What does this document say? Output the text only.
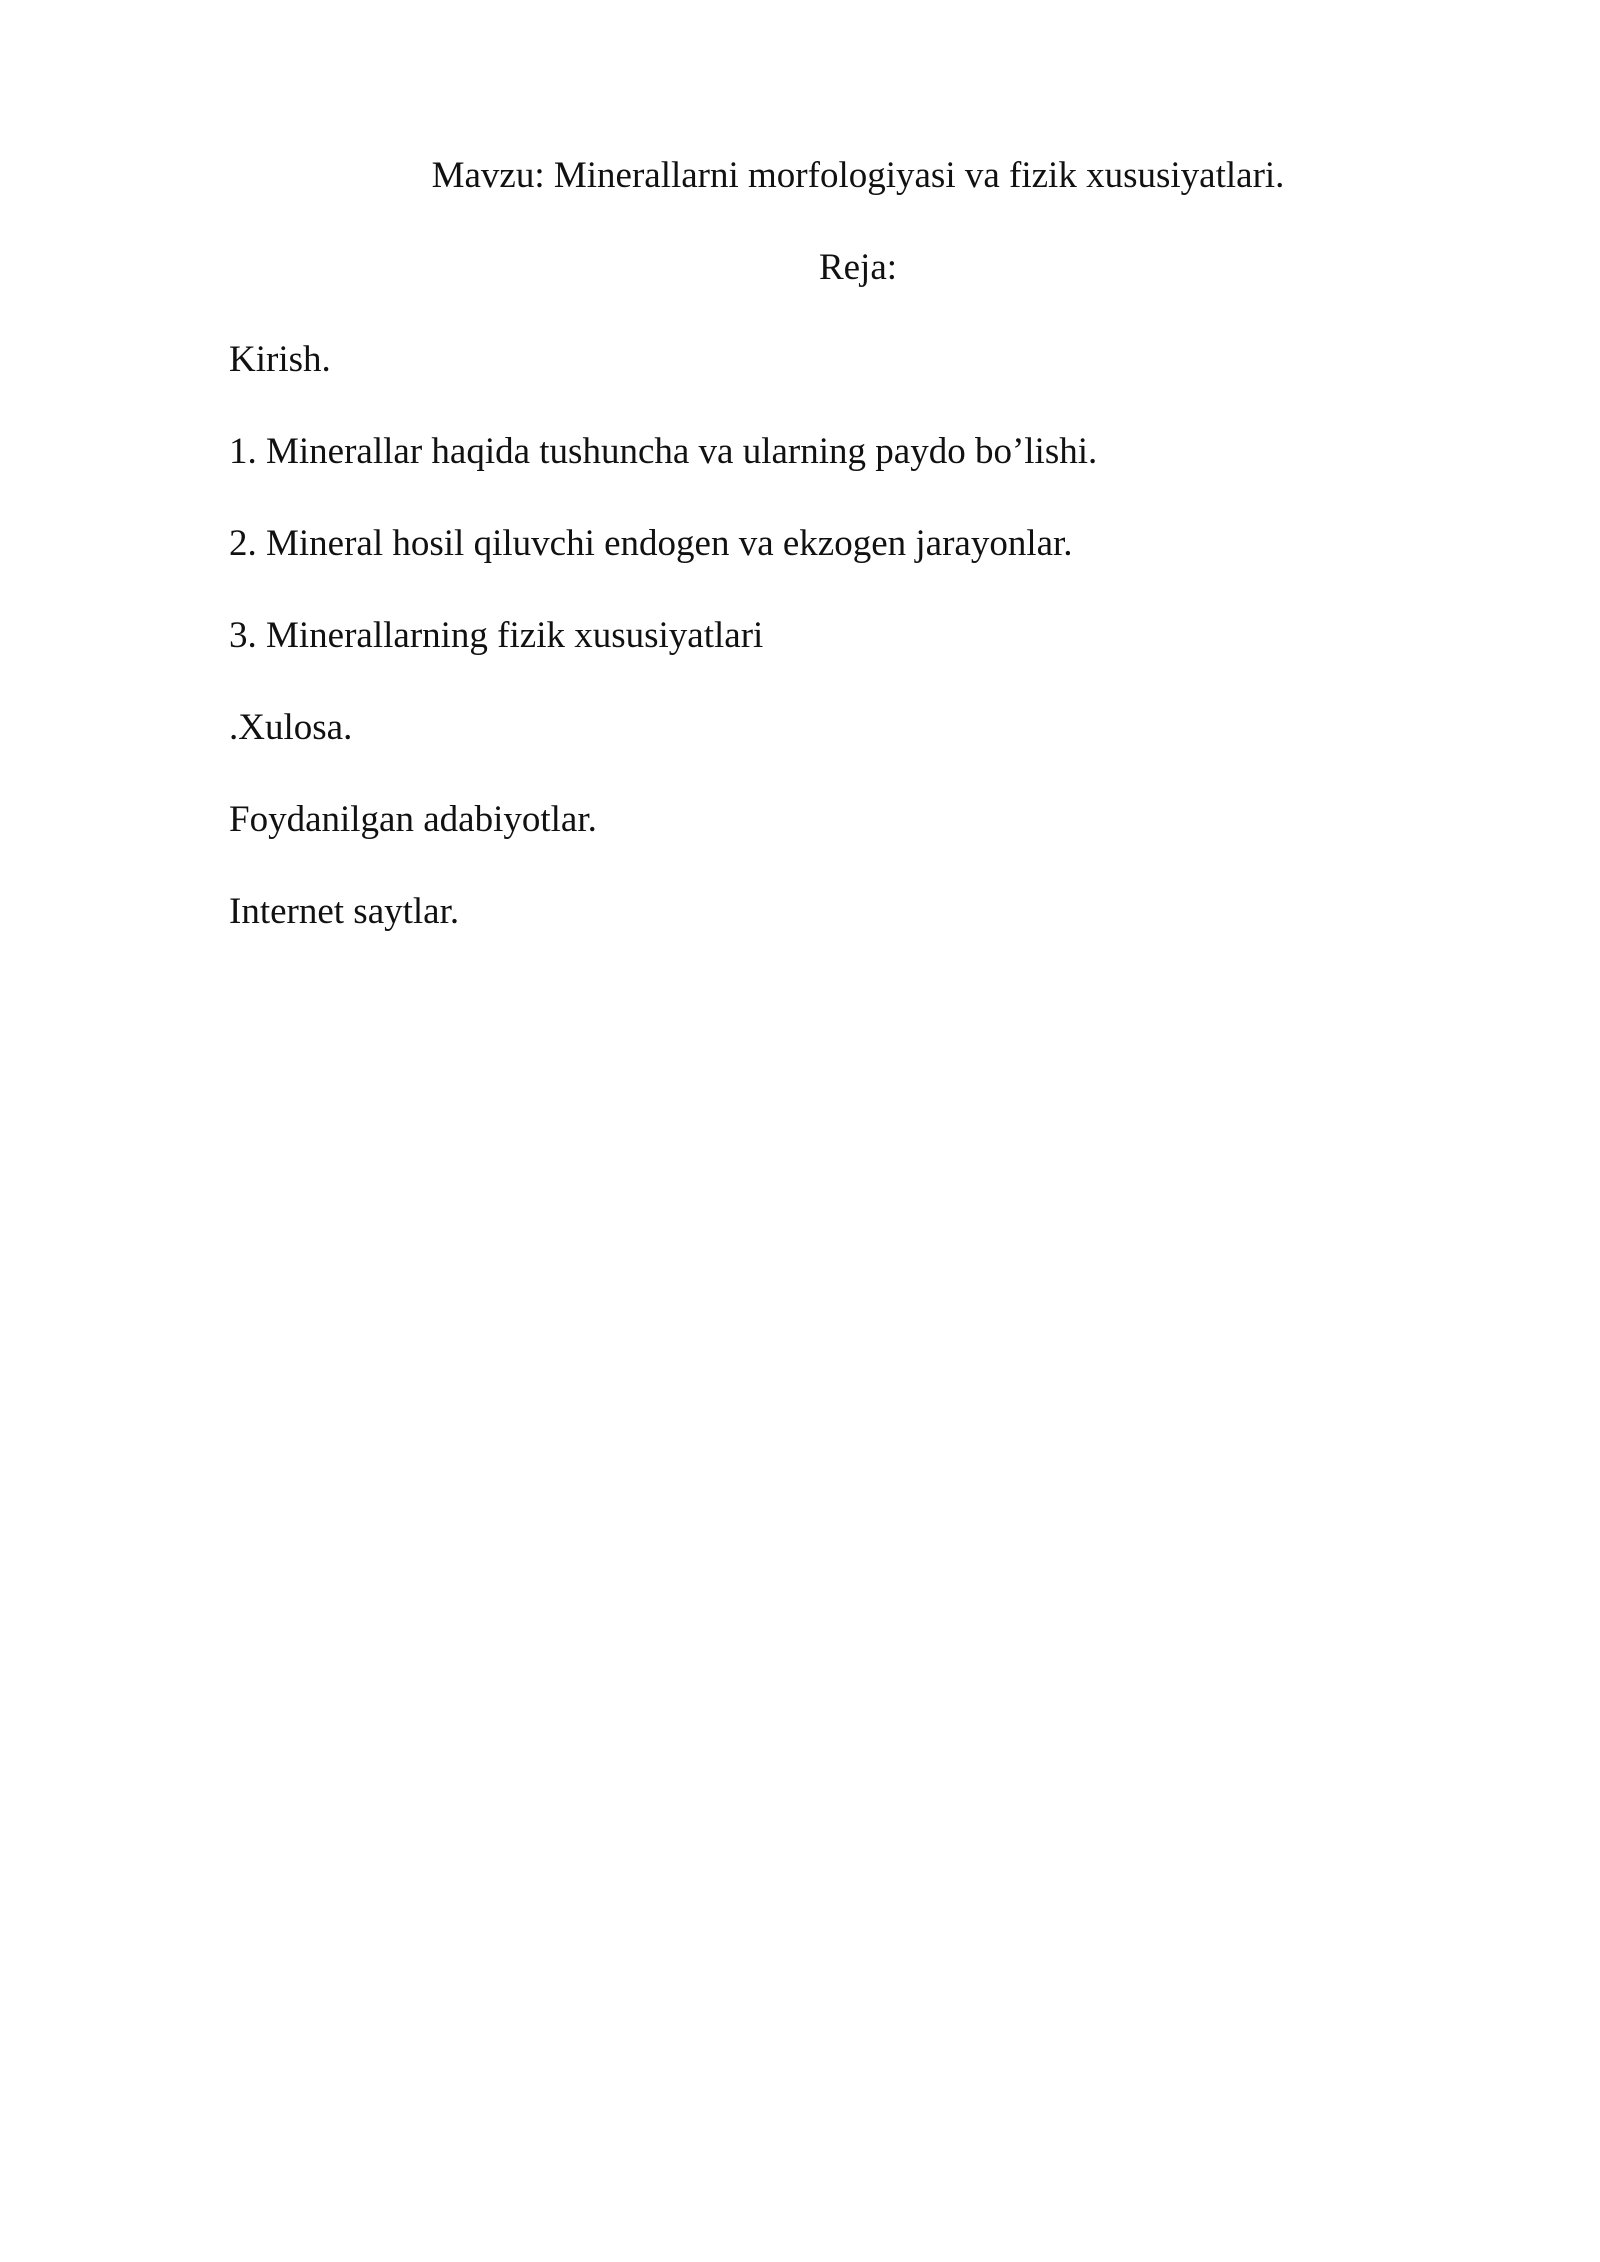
Mavzu: Minerallarni morfologiyasi va fizik xususiyatlari.

Reja:

Kirish.

1. Minerallar haqida tushuncha va ularning paydo bo’lishi.

2. Mineral hosil qiluvchi endogen va ekzogen jarayonlar.

3. Minerallarning fizik xususiyatlari

.Xulosa.

Foydanilgan adabiyotlar.

Internet saytlar.
